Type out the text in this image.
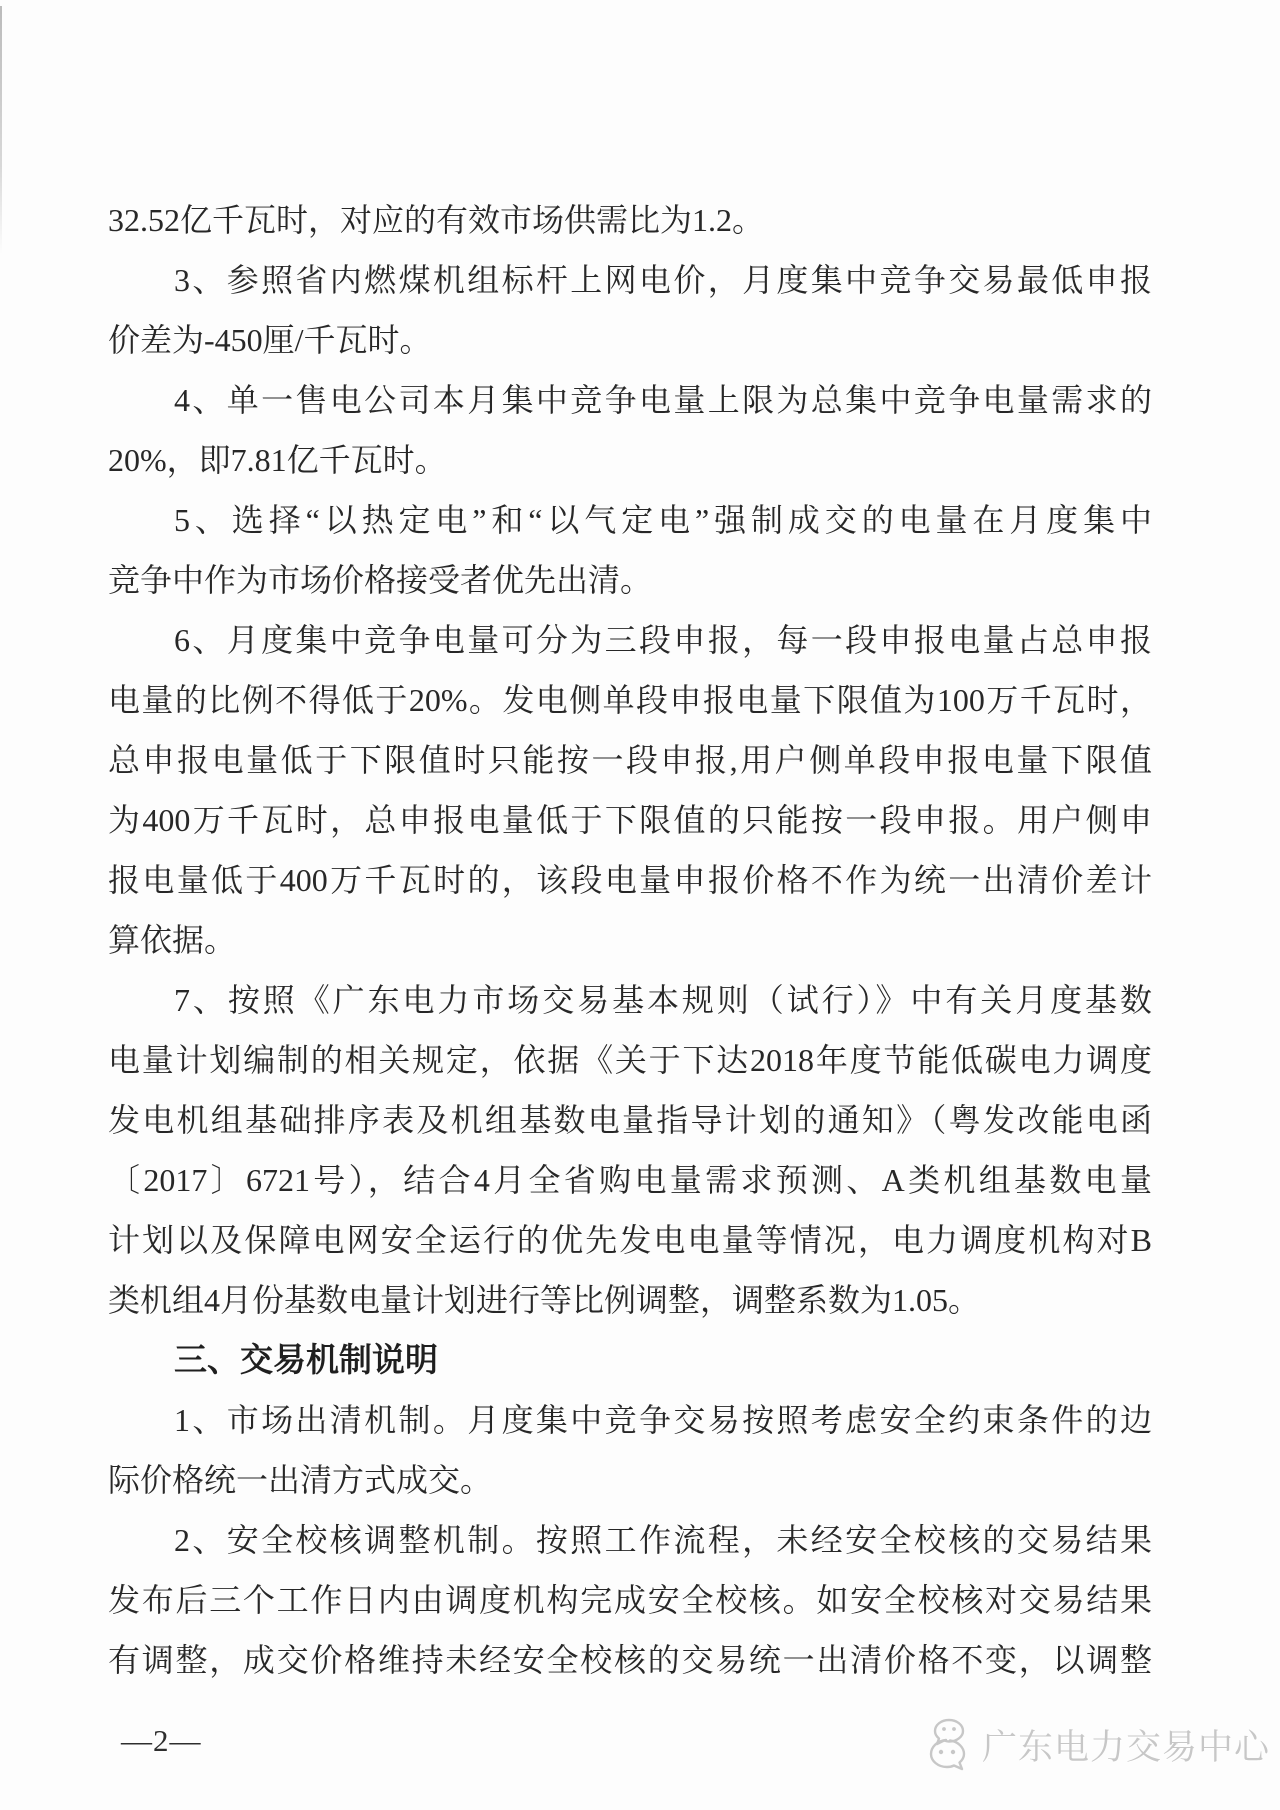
32.52亿千瓦时，对应的有效市场供需比为1.2。
3、参照省内燃煤机组标杆上网电价，月度集中竞争交易最低申报
价差为-450厘/千瓦时。
4、单一售电公司本月集中竞争电量上限为总集中竞争电量需求的
20%，即7.81亿千瓦时。
5、选择“以热定电”和“以气定电”强制成交的电量在月度集中
竞争中作为市场价格接受者优先出清。
6、月度集中竞争电量可分为三段申报，每一段申报电量占总申报
电量的比例不得低于20%。发电侧单段申报电量下限值为100万千瓦时，
总申报电量低于下限值时只能按一段申报,用户侧单段申报电量下限值
为400万千瓦时，总申报电量低于下限值的只能按一段申报。用户侧申
报电量低于400万千瓦时的，该段电量申报价格不作为统一出清价差计
算依据。
7、按照《广东电力市场交易基本规则（试行）》中有关月度基数
电量计划编制的相关规定，依据《关于下达2018年度节能低碳电力调度
发电机组基础排序表及机组基数电量指导计划的通知》（粤发改能电函
〔2017〕6721号），结合4月全省购电量需求预测、A类机组基数电量
计划以及保障电网安全运行的优先发电电量等情况，电力调度机构对B
类机组4月份基数电量计划进行等比例调整，调整系数为1.05。
三、交易机制说明
1、市场出清机制。月度集中竞争交易按照考虑安全约束条件的边
际价格统一出清方式成交。
2、安全校核调整机制。按照工作流程，未经安全校核的交易结果
发布后三个工作日内由调度机构完成安全校核。如安全校核对交易结果
有调整，成交价格维持未经安全校核的交易统一出清价格不变，以调整
—2—	广东电力交易中心
